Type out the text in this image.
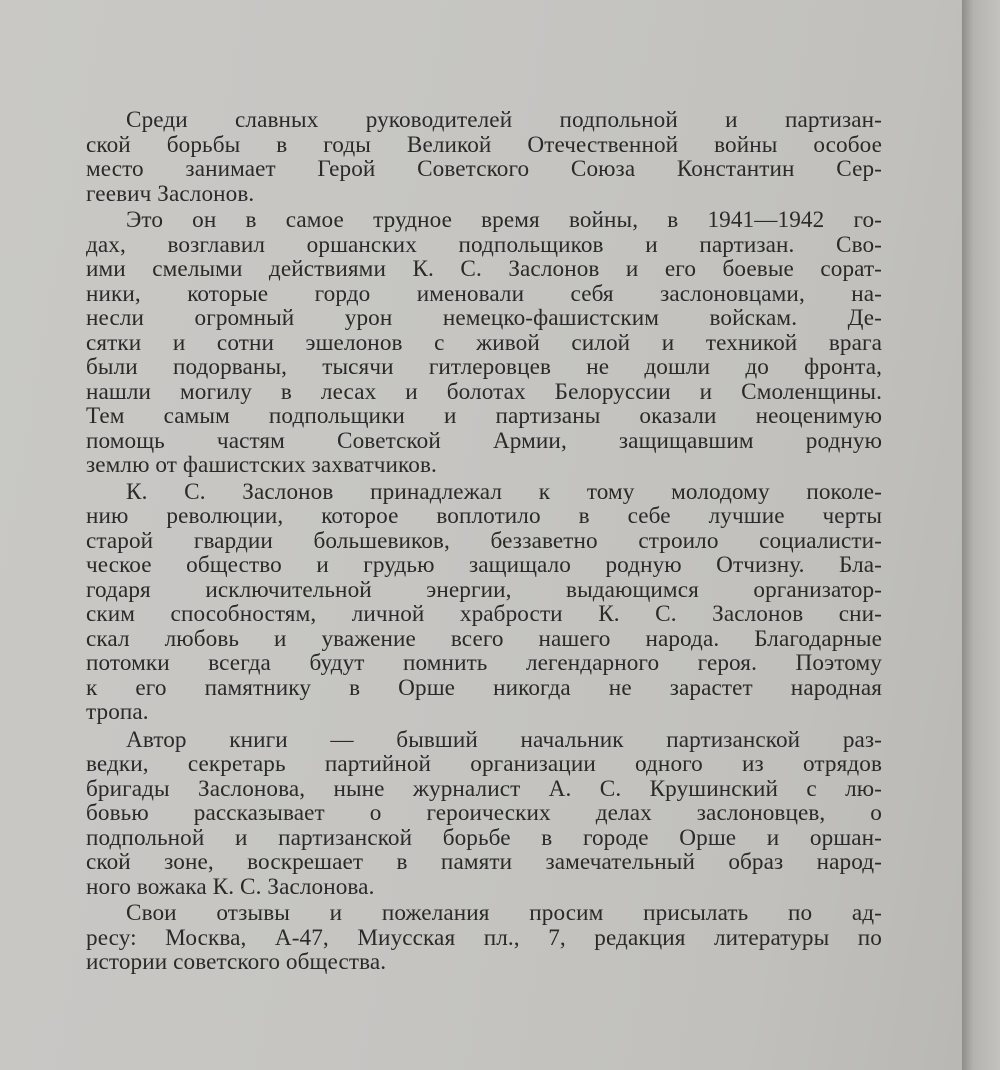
Среди славных руководителей подпольной и партизан-
ской борьбы в годы Великой Отечественной войны особое
место занимает Герой Советского Союза Константин Сер-
геевич Заслонов.
Это он в самое трудное время войны, в 1941—1942 го-
дах, возглавил оршанских подпольщиков и партизан. Сво-
ими смелыми действиями К. С. Заслонов и его боевые сорат-
ники, которые гордо именовали себя заслоновцами, на-
несли огромный урон немецко-фашистским войскам. Де-
сятки и сотни эшелонов с живой силой и техникой врага
были подорваны, тысячи гитлеровцев не дошли до фронта,
нашли могилу в лесах и болотах Белоруссии и Смоленщины.
Тем самым подпольщики и партизаны оказали неоценимую
помощь частям Советской Армии, защищавшим родную
землю от фашистских захватчиков.
К. С. Заслонов принадлежал к тому молодому поколе-
нию революции, которое воплотило в себе лучшие черты
старой гвардии большевиков, беззаветно строило социалисти-
ческое общество и грудью защищало родную Отчизну. Бла-
годаря исключительной энергии, выдающимся организатор-
ским способностям, личной храбрости К. С. Заслонов сни-
скал любовь и уважение всего нашего народа. Благодарные
потомки всегда будут помнить легендарного героя. Поэтому
к его памятнику в Орше никогда не зарастет народная
тропа.
Автор книги — бывший начальник партизанской раз-
ведки, секретарь партийной организации одного из отрядов
бригады Заслонова, ныне журналист А. С. Крушинский с лю-
бовью рассказывает о героических делах заслоновцев, о
подпольной и партизанской борьбе в городе Орше и оршан-
ской зоне, воскрешает в памяти замечательный образ народ-
ного вожака К. С. Заслонова.
Свои отзывы и пожелания просим присылать по ад-
ресу: Москва, А-47, Миусская пл., 7, редакция литературы по
истории советского общества.
